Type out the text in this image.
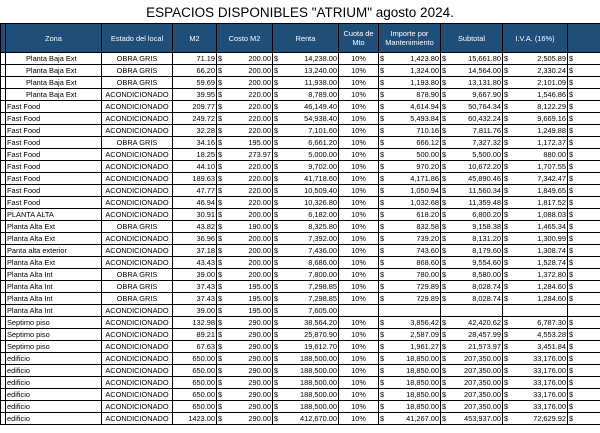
ESPACIOS DISPONIBLES "ATRIUM" agosto 2024.
	Zona	Estado del local	M2	Costo M2	Renta	Cuota de Mto	Importe por Mantenimiento	Subtotal	I.V.A. (16%)	
	Planta Baja Ext	OBRA GRIS	71.19	$ 200.00	$ 14,238.00	10%	$ 1,423.80	$ 15,661.80	$ 2,505.89	$
	Planta Baja Ext	OBRA GRIS	66.20	$ 200.00	$ 13,240.00	10%	$ 1,324.00	$ 14,564.00	$ 2,330.24	$
	Planta Baja Ext	OBRA GRIS	59.69	$ 200.00	$ 11,938.00	10%	$ 1,193.80	$ 13,131.80	$ 2,101.09	$
	Planta Baja Ext	ACONDICIONADO	39.95	$ 220.00	$ 8,789.00	10%	$ 878.90	$ 9,667.90	$ 1,546.86	$
	Fast Food	ACONDICIONADO	209.77	$ 220.00	$ 46,149.40	10%	$ 4,614.94	$ 50,764.34	$ 8,122.29	$
	Fast Food	ACONDICIONADO	249.72	$ 220.00	$ 54,938.40	10%	$ 5,493.84	$ 60,432.24	$ 9,669.16	$
	Fast Food	ACONDICIONADO	32.28	$ 220.00	$ 7,101.60	10%	$ 710.16	$ 7,811.76	$ 1,249.88	$
	Fast Food	OBRA GRIS	34.16	$ 195.00	$ 6,661.20	10%	$ 666.12	$ 7,327.32	$ 1,172.37	$
	Fast Food	ACONDICIONADO	18.25	$ 273.97	$ 5,000.00	10%	$ 500.00	$ 5,500.00	$ 880.00	$
	Fast Food	ACONDICIONADO	44.10	$ 220.00	$ 9,702.00	10%	$ 970.20	$ 10,672.20	$ 1,707.55	$
	Fast Food	ACONDICIONADO	189.63	$ 220.00	$ 41,718.60	10%	$ 4,171.86	$ 45,890.46	$ 7,342.47	$
	Fast Food	ACONDICIONADO	47.77	$ 220.00	$ 10,509.40	10%	$ 1,050.94	$ 11,560.34	$ 1,849.65	$
	Fast Food	ACONDICIONADO	46.94	$ 220.00	$ 10,326.80	10%	$ 1,032.68	$ 11,359.48	$ 1,817.52	$
	PLANTA ALTA	ACONDICIONADO	30.91	$ 200.00	$ 6,182.00	10%	$ 618.20	$ 6,800.20	$ 1,088.03	$
	Planta Alta Ext	OBRA GRIS	43.82	$ 190.00	$ 8,325.80	10%	$ 832.58	$ 9,158.38	$ 1,465.34	$
	Planta Alta Ext	ACONDICIONADO	36.96	$ 200.00	$ 7,392.00	10%	$ 739.20	$ 8,131.20	$ 1,300.99	$
	Panta alta exterior	ACONDICIONADO	37.18	$ 200.00	$ 7,436.00	10%	$ 743.60	$ 8,179.60	$ 1,308.74	$
	Planta Alta Ext	ACONDICIONADO	43.43	$ 200.00	$ 8,686.00	10%	$ 868.60	$ 9,554.60	$ 1,528.74	$
	Planta Alta Int	OBRA GRIS	39.00	$ 200.00	$ 7,800.00	10%	$ 780.00	$ 8,580.00	$ 1,372.80	$
	Planta Alta Int	OBRA GRIS	37.43	$ 195.00	$ 7,298.85	10%	$ 729.89	$ 8,028.74	$ 1,284.60	$
	Planta Alta Int	OBRA GRIS	37.43	$ 195.00	$ 7,298.85	10%	$ 729.89	$ 8,028.74	$ 1,284.60	$
	Planta Alta Int	ACONDICIONADO	39.00	$ 195.00	$ 7,605.00					

	Septimo piso	ACONDICIONADO	132.98	$ 290.00	$ 38,564.20	10%	$ 3,856.42	$ 42,420.62	$ 6,787.30	$
	Septimo piso	ACONDICIONADO	89.21	$ 290.00	$ 25,870.90	10%	$ 2,587.09	$ 28,457.99	$ 4,553.28	$
	Septimo piso	ACONDICIONADO	67.63	$ 290.00	$ 19,612.70	10%	$ 1,961.27	$ 21,573.97	$ 3,451.84	$
	edificio	ACONDICIONADO	650.00	$ 290.00	$ 188,500.00	10%	$ 18,850.00	$ 207,350.00	$ 33,176.00	$
	edificio	ACONDICIONADO	650.00	$ 290.00	$ 188,500.00	10%	$ 18,850.00	$ 207,350.00	$ 33,176.00	$
	edificio	ACONDICIONADO	650.00	$ 290.00	$ 188,500.00	10%	$ 18,850.00	$ 207,350.00	$ 33,176.00	$
	edificio	ACONDICIONADO	650.00	$ 290.00	$ 188,500.00	10%	$ 18,850.00	$ 207,350.00	$ 33,176.00	$
	edificio	ACONDICIONADO	650.00	$ 290.00	$ 188,500.00	10%	$ 18,850.00	$ 207,350.00	$ 33,176.00	$
	edificio	ACONDICIONADO	1423.00	$ 290.00	$ 412,670.00	10%	$ 41,267.00	$ 453,937.00	$ 72,629.92	$
